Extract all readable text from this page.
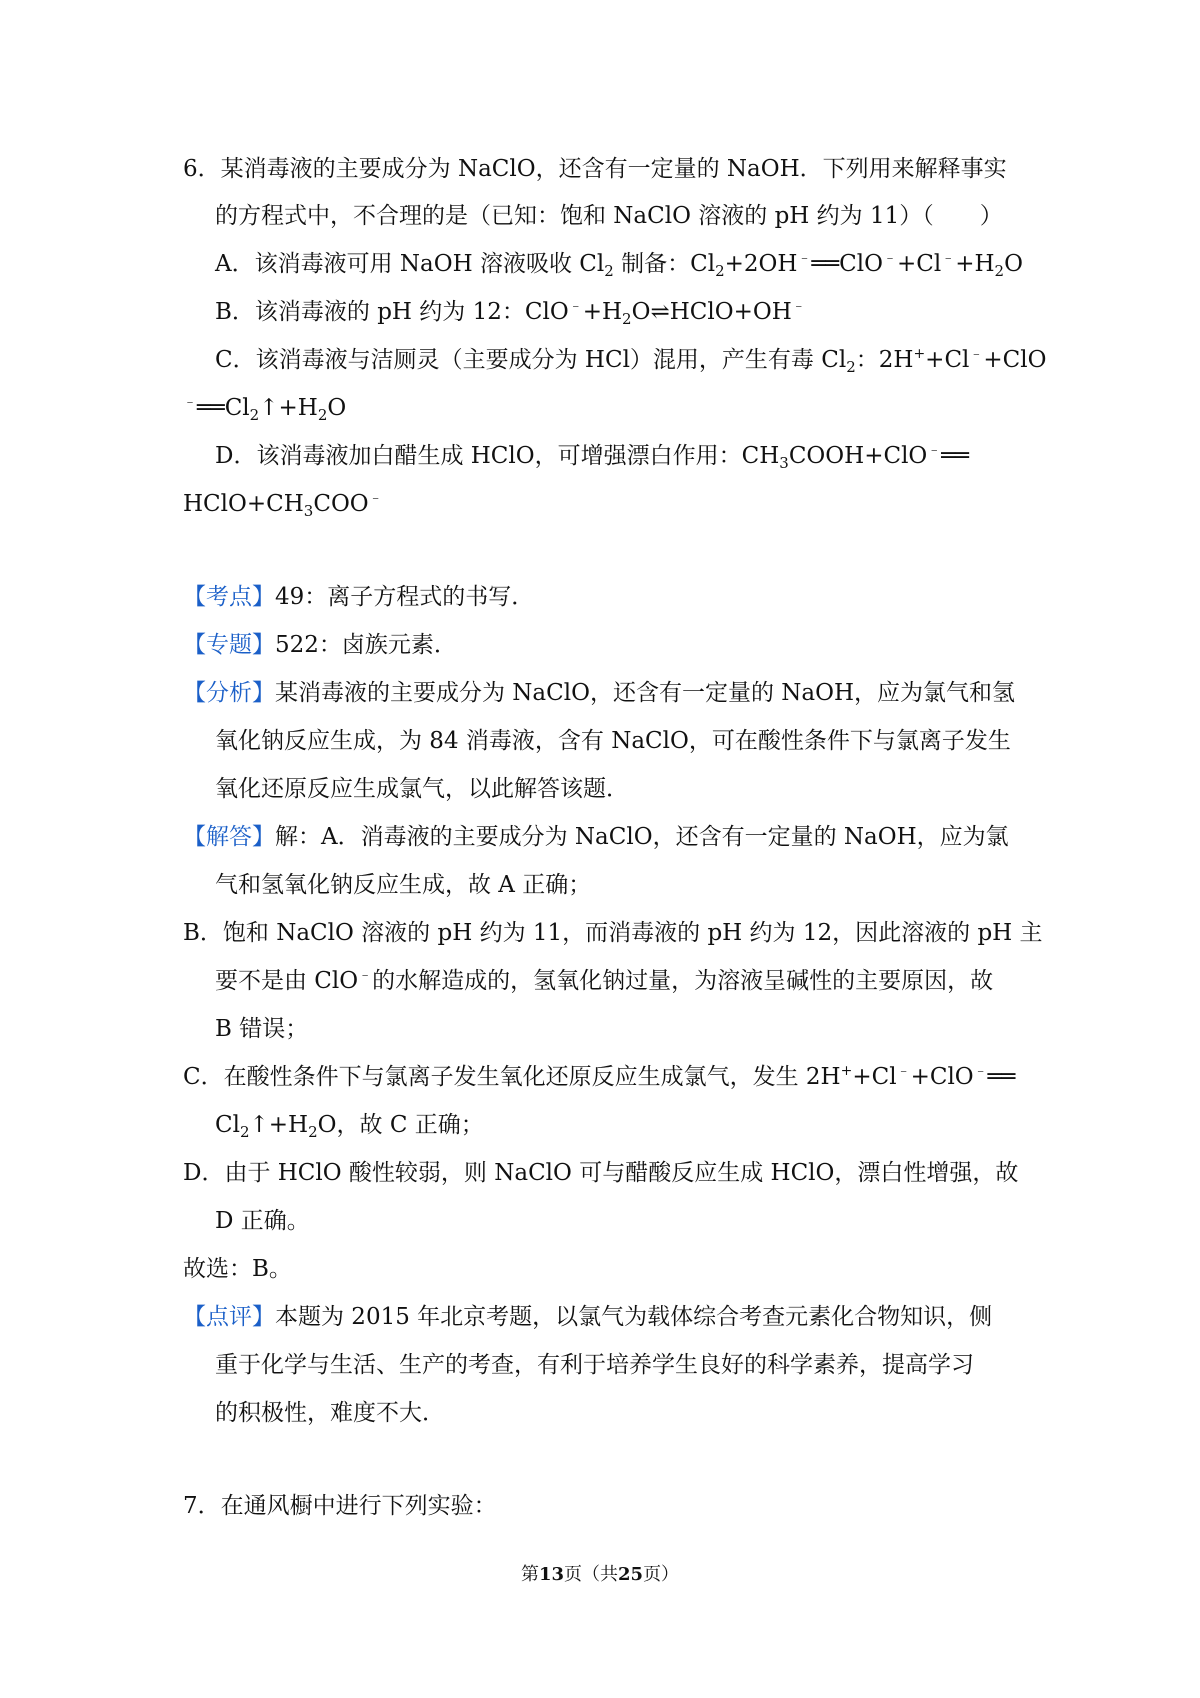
6．某消毒液的主要成分为 NaClO，还含有一定量的 NaOH．下列用来解释事实
的方程式中，不合理的是（已知：饱和 NaClO 溶液的 pH 约为 11）（　　）
A．该消毒液可用 NaOH 溶液吸收 $Cl_2$ 制备：$Cl_2+2OH^﹣══ClO^﹣+Cl^﹣+H_2O$
B．该消毒液的 pH 约为 12：$ClO^﹣+H_2O\rightleftharpoons HClO+OH^﹣$
C．该消毒液与洁厕灵（主要成分为 HCl）混用，产生有毒 $Cl_2$：2H++Cl﹣+ClO
$^﹣══Cl_2↑+H_2O$
D．该消毒液加白醋生成 HClO，可增强漂白作用：$CH_3COOH+ClO^﹣══$
$HClO+CH_3COO^﹣$
【考点】49：离子方程式的书写．
【专题】522：卤族元素．
【分析】某消毒液的主要成分为 NaClO，还含有一定量的 NaOH，应为氯气和氢
氧化钠反应生成，为 84 消毒液，含有 NaClO，可在酸性条件下与氯离子发生
氧化还原反应生成氯气，以此解答该题．
【解答】解：A．消毒液的主要成分为 NaClO，还含有一定量的 NaOH，应为氯
气和氢氧化钠反应生成，故 A 正确；
B．饱和 NaClO 溶液的 pH 约为 11，而消毒液的 pH 约为 12，因此溶液的 pH 主
要不是由 ClO﹣的水解造成的，氢氧化钠过量，为溶液呈碱性的主要原因，故
B 错误；
C．在酸性条件下与氯离子发生氧化还原反应生成氯气，发生 2H++Cl﹣+ClO﹣══
$Cl_2↑+H_2O$，故 C 正确；
D．由于 HClO 酸性较弱，则 NaClO 可与醋酸反应生成 HClO，漂白性增强，故
D 正确。
故选：B。
【点评】本题为 2015 年北京考题，以氯气为载体综合考查元素化合物知识，侧
重于化学与生活、生产的考查，有利于培养学生良好的科学素养，提高学习
的积极性，难度不大．
7．在通风橱中进行下列实验：
第13页（共25页）
